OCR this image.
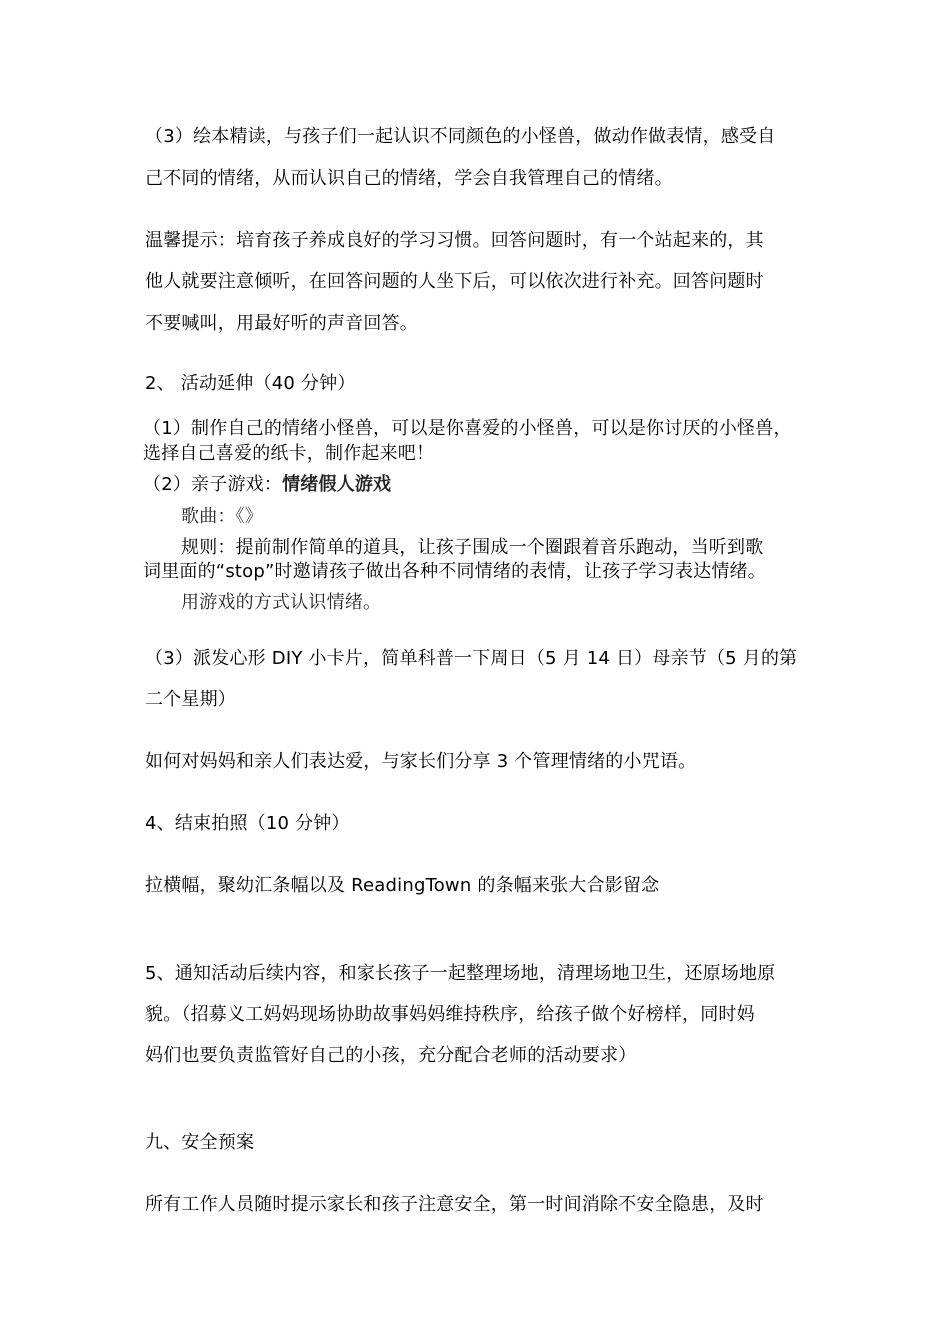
（3）绘本精读，与孩子们一起认识不同颜色的小怪兽，做动作做表情，感受自
己不同的情绪，从而认识自己的情绪，学会自我管理自己的情绪。
温馨提示：培育孩子养成良好的学习习惯。回答问题时，有一个站起来的，其
他人就要注意倾听，在回答问题的人坐下后，可以依次进行补充。回答问题时
不要喊叫，用最好听的声音回答。
2、 活动延伸（40 分钟）
（1）制作自己的情绪小怪兽，可以是你喜爱的小怪兽，可以是你讨厌的小怪兽，
选择自己喜爱的纸卡，制作起来吧！
（2）亲子游戏：情绪假人游戏
歌曲：《》
规则：提前制作简单的道具，让孩子围成一个圈跟着音乐跑动，当听到歌
词里面的“stop”时邀请孩子做出各种不同情绪的表情，让孩子学习表达情绪。
用游戏的方式认识情绪。
（3）派发心形 DIY 小卡片，简单科普一下周日（5 月 14 日）母亲节（5 月的第
二个星期）
如何对妈妈和亲人们表达爱，与家长们分享 3 个管理情绪的小咒语。
4、结束拍照（10 分钟）
拉横幅，聚幼汇条幅以及 ReadingTown 的条幅来张大合影留念
5、通知活动后续内容，和家长孩子一起整理场地，清理场地卫生，还原场地原
貌。（招募义工妈妈现场协助故事妈妈维持秩序，给孩子做个好榜样，同时妈
妈们也要负责监管好自己的小孩，充分配合老师的活动要求）
九、安全预案
所有工作人员随时提示家长和孩子注意安全，第一时间消除不安全隐患，及时
